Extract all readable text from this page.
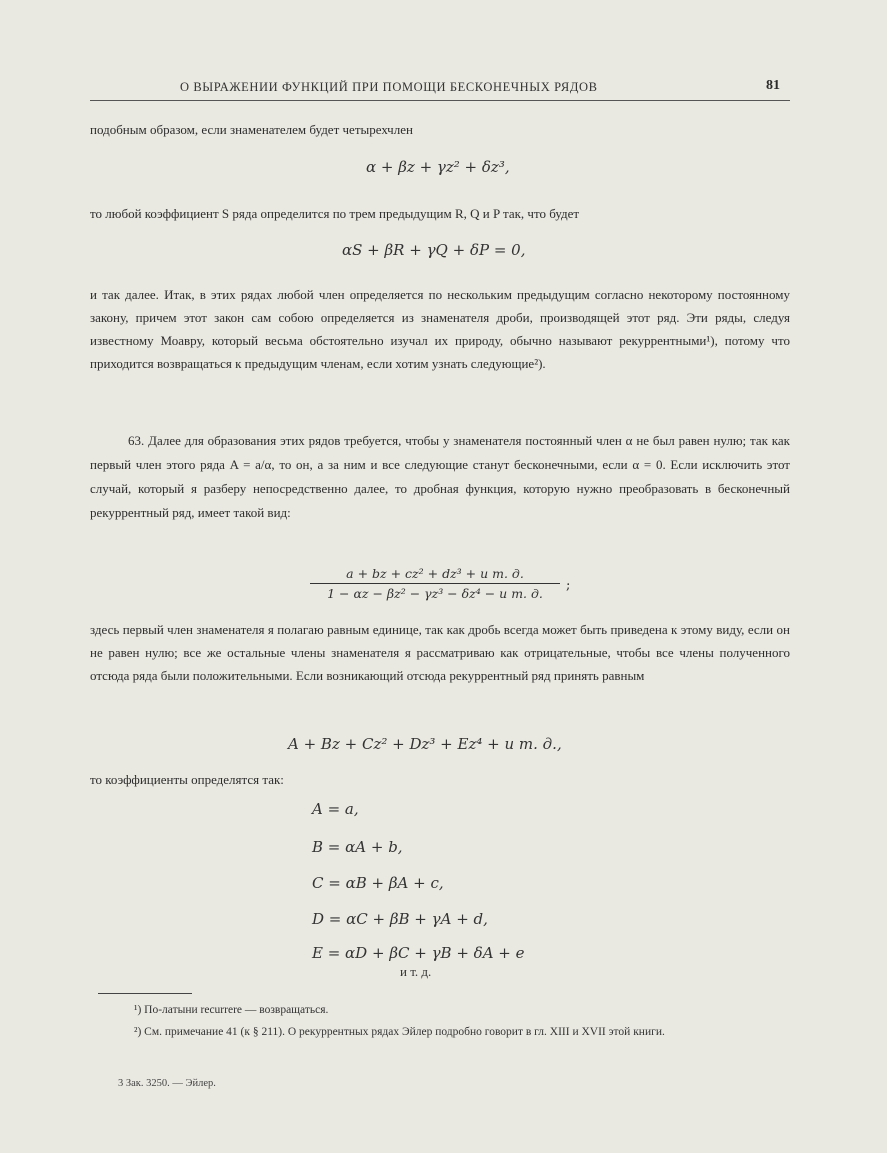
О ВЫРАЖЕНИИ ФУНКЦИЙ ПРИ ПОМОЩИ БЕСКОНЕЧНЫХ РЯДОВ	81
подобным образом, если знаменателем будет четырехчлен
α + βz + γz² + δz³,
то любой коэффициент S ряда определится по трем предыдущим R, Q и P так, что будет
αS + βR + γQ + δP = 0,
и так далее. Итак, в этих рядах любой член определяется по нескольким предыдущим согласно некоторому постоянному закону, причем этот закон сам собою определяется из знаменателя дроби, производящей этот ряд. Эти ряды, следуя известному Моавру, который весьма обстоятельно изучал их природу, обычно называют рекуррентными¹), потому что приходится возвращаться к предыдущим членам, если хотим узнать следующие²).
63. Далее для образования этих рядов требуется, чтобы у знаменателя постоянный член α не был равен нулю; так как первый член этого ряда A = a/α, то он, а за ним и все следующие станут бесконечными, если α = 0. Если исключить этот случай, который я разберу непосредственно далее, то дробная функция, которую нужно преобразовать в бесконечный рекуррентный ряд, имеет такой вид:
a + bz + cz² + dz³ + и т. д.
1 − αz − βz² − γz³ − δz⁴ − и т. д.
;
здесь первый член знаменателя я полагаю равным единице, так как дробь всегда может быть приведена к этому виду, если он не равен нулю; все же остальные члены знаменателя я рассматриваю как отрицательные, чтобы все члены полученного отсюда ряда были положительными. Если возникающий отсюда рекуррентный ряд принять равным
A + Bz + Cz² + Dz³ + Ez⁴ + и т. д.,
то коэффициенты определятся так:
A = a,
B = αA + b,
C = αB + βA + c,
D = αC + βB + γA + d,
E = αD + βC + γB + δA + e
и т. д.
¹) По-латыни recurrere — возвращаться.
²) См. примечание 41 (к § 211). О рекуррентных рядах Эйлер подробно говорит в гл. XIII и XVII этой книги.
3 Зак. 3250. — Эйлер.
